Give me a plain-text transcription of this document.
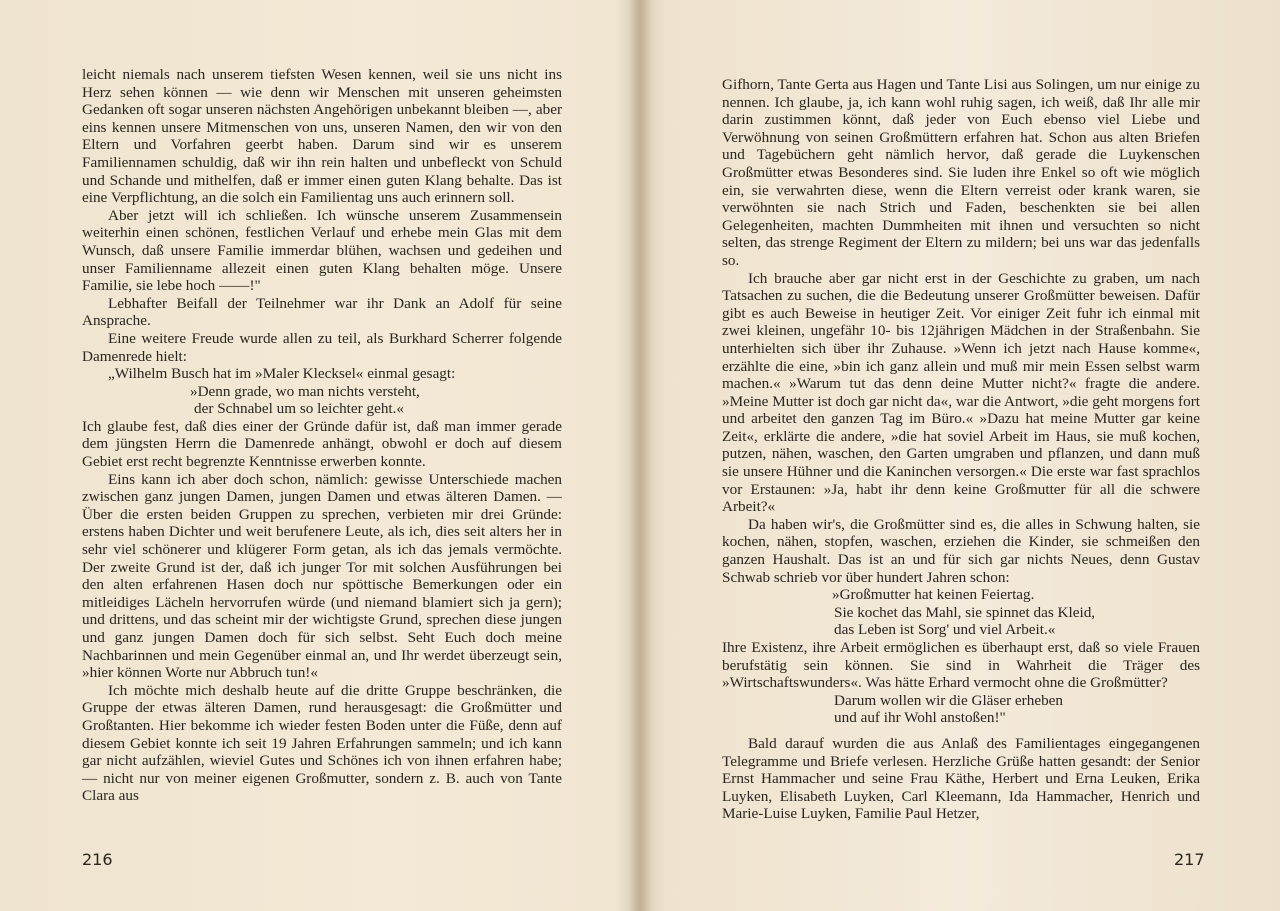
leicht niemals nach unserem tiefsten Wesen kennen, weil sie uns nicht ins Herz sehen können — wie denn wir Menschen mit unseren geheimsten Gedanken oft sogar unseren nächsten Angehörigen unbekannt bleiben —, aber eins kennen unsere Mitmenschen von uns, unseren Namen, den wir von den Eltern und Vorfahren geerbt haben. Darum sind wir es unserem Familiennamen schuldig, daß wir ihn rein halten und unbefleckt von Schuld und Schande und mithelfen, daß er immer einen guten Klang behalte. Das ist eine Verpflichtung, an die solch ein Familientag uns auch erinnern soll.

Aber jetzt will ich schließen. Ich wünsche unserem Zusammensein weiterhin einen schönen, festlichen Verlauf und erhebe mein Glas mit dem Wunsch, daß unsere Familie immerdar blühen, wachsen und gedeihen und unser Familienname allezeit einen guten Klang behalten möge. Unsere Familie, sie lebe hoch ——!"

Lebhafter Beifall der Teilnehmer war ihr Dank an Adolf für seine Ansprache.

Eine weitere Freude wurde allen zu teil, als Burkhard Scherrer folgende Damenrede hielt:

„Wilhelm Busch hat im »Maler Klecksel« einmal gesagt:

»Denn grade, wo man nichts versteht,

der Schnabel um so leichter geht.«

Ich glaube fest, daß dies einer der Gründe dafür ist, daß man immer gerade dem jüngsten Herrn die Damenrede anhängt, obwohl er doch auf diesem Gebiet erst recht begrenzte Kenntnisse erwerben konnte.

Eins kann ich aber doch schon, nämlich: gewisse Unterschiede machen zwischen ganz jungen Damen, jungen Damen und etwas älteren Damen. — Über die ersten beiden Gruppen zu sprechen, verbieten mir drei Gründe: erstens haben Dichter und weit berufenere Leute, als ich, dies seit alters her in sehr viel schönerer und klügerer Form getan, als ich das jemals vermöchte. Der zweite Grund ist der, daß ich junger Tor mit solchen Ausführungen bei den alten erfahrenen Hasen doch nur spöttische Bemerkungen oder ein mitleidiges Lächeln hervorrufen würde (und niemand blamiert sich ja gern); und drittens, und das scheint mir der wichtigste Grund, sprechen diese jungen und ganz jungen Damen doch für sich selbst. Seht Euch doch meine Nachbarinnen und mein Gegenüber einmal an, und Ihr werdet überzeugt sein, »hier können Worte nur Abbruch tun!«

Ich möchte mich deshalb heute auf die dritte Gruppe beschränken, die Gruppe der etwas älteren Damen, rund herausgesagt: die Großmütter und Großtanten. Hier bekomme ich wieder festen Boden unter die Füße, denn auf diesem Gebiet konnte ich seit 19 Jahren Erfahrungen sammeln; und ich kann gar nicht aufzählen, wieviel Gutes und Schönes ich von ihnen erfahren habe; — nicht nur von meiner eigenen Großmutter, sondern z. B. auch von Tante Clara aus

216

Gifhorn, Tante Gerta aus Hagen und Tante Lisi aus Solingen, um nur einige zu nennen. Ich glaube, ja, ich kann wohl ruhig sagen, ich weiß, daß Ihr alle mir darin zustimmen könnt, daß jeder von Euch ebenso viel Liebe und Verwöhnung von seinen Großmüttern erfahren hat. Schon aus alten Briefen und Tagebüchern geht nämlich hervor, daß gerade die Luykenschen Großmütter etwas Besonderes sind. Sie luden ihre Enkel so oft wie möglich ein, sie verwahrten diese, wenn die Eltern verreist oder krank waren, sie verwöhnten sie nach Strich und Faden, beschenkten sie bei allen Gelegenheiten, machten Dummheiten mit ihnen und versuchten so nicht selten, das strenge Regiment der Eltern zu mildern; bei uns war das jedenfalls so.

Ich brauche aber gar nicht erst in der Geschichte zu graben, um nach Tatsachen zu suchen, die die Bedeutung unserer Großmütter beweisen. Dafür gibt es auch Beweise in heutiger Zeit. Vor einiger Zeit fuhr ich einmal mit zwei kleinen, ungefähr 10- bis 12jährigen Mädchen in der Straßenbahn. Sie unterhielten sich über ihr Zuhause. »Wenn ich jetzt nach Hause komme«, erzählte die eine, »bin ich ganz allein und muß mir mein Essen selbst warm machen.« »Warum tut das denn deine Mutter nicht?« fragte die andere. »Meine Mutter ist doch gar nicht da«, war die Antwort, »die geht morgens fort und arbeitet den ganzen Tag im Büro.« »Dazu hat meine Mutter gar keine Zeit«, erklärte die andere, »die hat soviel Arbeit im Haus, sie muß kochen, putzen, nähen, waschen, den Garten umgraben und pflanzen, und dann muß sie unsere Hühner und die Kaninchen versorgen.« Die erste war fast sprachlos vor Erstaunen: »Ja, habt ihr denn keine Großmutter für all die schwere Arbeit?«

Da haben wir's, die Großmütter sind es, die alles in Schwung halten, sie kochen, nähen, stopfen, waschen, erziehen die Kinder, sie schmeißen den ganzen Haushalt. Das ist an und für sich gar nichts Neues, denn Gustav Schwab schrieb vor über hundert Jahren schon:

»Großmutter hat keinen Feiertag.

Sie kochet das Mahl, sie spinnet das Kleid,

das Leben ist Sorg' und viel Arbeit.«

Ihre Existenz, ihre Arbeit ermöglichen es überhaupt erst, daß so viele Frauen berufstätig sein können. Sie sind in Wahrheit die Träger des »Wirtschaftswunders«. Was hätte Erhard vermocht ohne die Großmütter?

Darum wollen wir die Gläser erheben

und auf ihr Wohl anstoßen!"

Bald darauf wurden die aus Anlaß des Familientages eingegangenen Telegramme und Briefe verlesen. Herzliche Grüße hatten gesandt: der Senior Ernst Hammacher und seine Frau Käthe, Herbert und Erna Leuken, Erika Luyken, Elisabeth Luyken, Carl Kleemann, Ida Hammacher, Henrich und Marie-Luise Luyken, Familie Paul Hetzer,

217
